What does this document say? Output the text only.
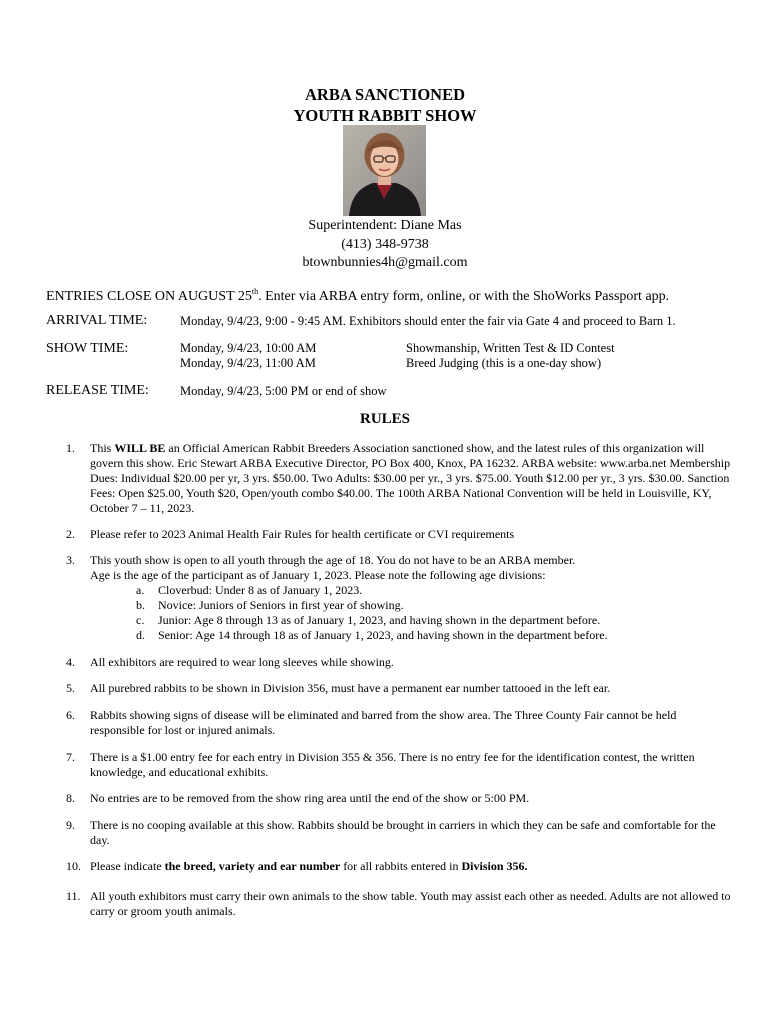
ARBA SANCTIONED
YOUTH RABBIT SHOW
Superintendent: Diane Mas
(413) 348-9738
btownbunnies4h@gmail.com
ENTRIES CLOSE ON AUGUST 25th. Enter via ARBA entry form, online, or with the ShoWorks Passport app.
ARRIVAL TIME:	Monday, 9/4/23, 9:00 - 9:45 AM. Exhibitors should enter the fair via Gate 4 and proceed to Barn 1.
SHOW TIME:	Monday, 9/4/23, 10:00 AM	Showmanship, Written Test & ID Contest
Monday, 9/4/23, 11:00 AM	Breed Judging (this is a one-day show)
RELEASE TIME: Monday, 9/4/23, 5:00 PM or end of show
RULES
1.	This WILL BE an Official American Rabbit Breeders Association sanctioned show, and the latest rules of this organization will govern this show. Eric Stewart ARBA Executive Director, PO Box 400, Knox, PA 16232. ARBA website: www.arba.net Membership Dues: Individual $20.00 per yr, 3 yrs. $50.00. Two Adults: $30.00 per yr., 3 yrs. $75.00. Youth $12.00 per yr., 3 yrs. $30.00. Sanction Fees: Open $25.00, Youth $20, Open/youth combo $40.00. The 100th ARBA National Convention will be held in Louisville, KY, October 7 – 11, 2023.
2.	Please refer to 2023 Animal Health Fair Rules for health certificate or CVI requirements
3.	This youth show is open to all youth through the age of 18. You do not have to be an ARBA member.
Age is the age of the participant as of January 1, 2023. Please note the following age divisions:
a. Cloverbud: Under 8 as of January 1, 2023.
b. Novice: Juniors of Seniors in first year of showing.
c. Junior: Age 8 through 13 as of January 1, 2023, and having shown in the department before.
d. Senior: Age 14 through 18 as of January 1, 2023, and having shown in the department before.
4.	All exhibitors are required to wear long sleeves while showing.
5.	All purebred rabbits to be shown in Division 356, must have a permanent ear number tattooed in the left ear.
6.	Rabbits showing signs of disease will be eliminated and barred from the show area. The Three County Fair cannot be held responsible for lost or injured animals.
7.	There is a $1.00 entry fee for each entry in Division 355 & 356. There is no entry fee for the identification contest, the written knowledge, and educational exhibits.
8.	No entries are to be removed from the show ring area until the end of the show or 5:00 PM.
9.	There is no cooping available at this show. Rabbits should be brought in carriers in which they can be safe and comfortable for the day.
10. Please indicate the breed, variety and ear number for all rabbits entered in Division 356.
11. All youth exhibitors must carry their own animals to the show table. Youth may assist each other as needed. Adults are not allowed to carry or groom youth animals.
